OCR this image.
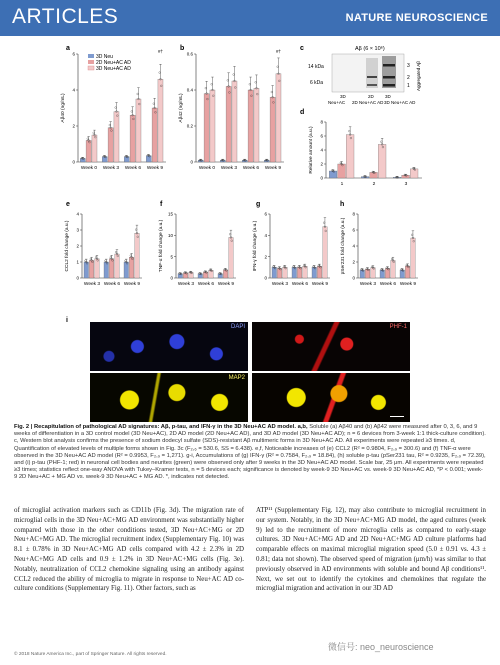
ARTICLES	NATURE NEUROSCIENCE
a	b	c
d
e	f	g	h
i
3D Neu
2D Neu+AC AD
3D Neu+AC AD
0
2
4
6
Aβ40 (ng/mL)
Week 0 Week 3 Week 6 Week 9
#†
0
0.2
0.4
0.6
Aβ42 (ng/mL)
Week 0 Week 3 Week 6 Week 9
#†
0
2
4
6
8
Relative amount (a.u.)
1	2	3
0
1
2
3
4
CCL2 fold change (a.u.)
Week 3 Week 6 Week 9
0
5
10
15
TNF-α fold change (a.u.)
Week 3 Week 6 Week 9
0
2
4
6
IFN-γ fold change (a.u.)
Week 3 Week 6 Week 9
0
2
4
6
8
pSer231 fold change (a.u.)
Week 3 Week 6 Week 9
Aβ (6 × 10⁶)
14 kDa
6 kDa
3
2
1 Aggregated Aβ
3D	2D 3D
Neu+AC 2D Neu+AC AD 3D Neu+AC AD
DAPI	PHF-1
MAP2
Fig. 2 | Recapitulation of pathological AD signatures: Aβ, p-tau, and IFN-γ in the 3D Neu+AC AD model. a,b, Soluble (a) Aβ40 and (b) Aβ42 were measured after 0, 3, 6, and 9 weeks of differentiation in a 3D control model (3D Neu+AC), 2D AD model (2D Neu+AC AD), and 3D AD model (3D Neu+AC AD); n = 6 devices from 3-week 1:1 thick-culture condition). c, Western blot analysis confirms the presence of sodium dodecyl sulfate (SDS)-resistant Aβ multimeric forms in 3D Neu+AC AD. All experiments were repeated ≥3 times. d, Quantification of elevated levels of multiple forms shown in Fig. 3c (F₂,₆ = 530.6, SS = 6.438). e,f, Noticeable increases of (e) CCL2 (R² = 0.9804, F₂,₉ = 300.6) and (f) TNF-α were observed in the 3D Neu+AC AD model (R² = 0.9953, F₂,₉ = 1,271). g-i, Accumulations of (g) IFN-γ (R² = 0.7584, F₂,₉ = 18.84), (h) soluble p-tau (pSer231 tau, R² = 0.9235, F₂,₉ = 72.39), and (i) p-tau (PHF-1; red) in neuronal cell bodies and neurites (green) were observed only after 9 weeks in the 3D Neu+AC AD model. Scale bar, 25 μm. All experiments were repeated ≥3 times; statistics reflect one-way ANOVA with Tukey–Kramer tests, n = 5 devices each; significance is denoted by week-9 3D Neu+AC vs. week-9 3D Neu+AC AD, *P < 0.001; week-9 2D Neu+AC + MG AD vs. week-9 3D Neu+AC + MG AD. *, indicates not detected.
of microglial activation markers such as CD11b (Fig. 3d). The migration rate of microglial cells in the 3D Neu+AC+MG AD environment was substantially higher compared with those in the other conditions tested, 3D Neu+AC+MG or 2D Neu+AC+MG AD. The microglial recruitment index (Supplementary Fig. 10) was 8.1 ± 0.78% in 3D Neu+AC+MG AD cells compared with 4.2 ± 2.3% in 2D Neu+AC+MG AD cells and 0.9 ± 1.2% in 3D Neu+AC+MG cells (Fig. 3e). Notably, neutralization of CCL2 chemokine signaling using an antibody against CCL2 reduced the ability of microglia to migrate in response to Neu+AC AD co-culture conditions (Supplementary Fig. 11). Other factors, such as
ATP¹¹ (Supplementary Fig. 12), may also contribute to microglial recruitment in our system. Notably, in the 3D Neu+AC+MG AD model, the aged cultures (week 9) led to the recruitment of more microglia cells as compared to early-stage cultures. 3D Neu+AC+MG AD and 2D Neu+AC+MG AD culture platforms had comparable effects on maximal microglial migration speed (5.0 ± 0.91 vs. 4.3 ± 0.81; data not shown). The observed speed of migration (μm/h) was similar to that previously observed in AD environments with soluble and bound Aβ conditions¹¹. Next, we set out to identify the cytokines and chemokines that regulate the microglial migration and activation in our 3D AD
© 2018 Nature America Inc., part of Springer Nature. All rights reserved.
微信号: neo_neuroscience
